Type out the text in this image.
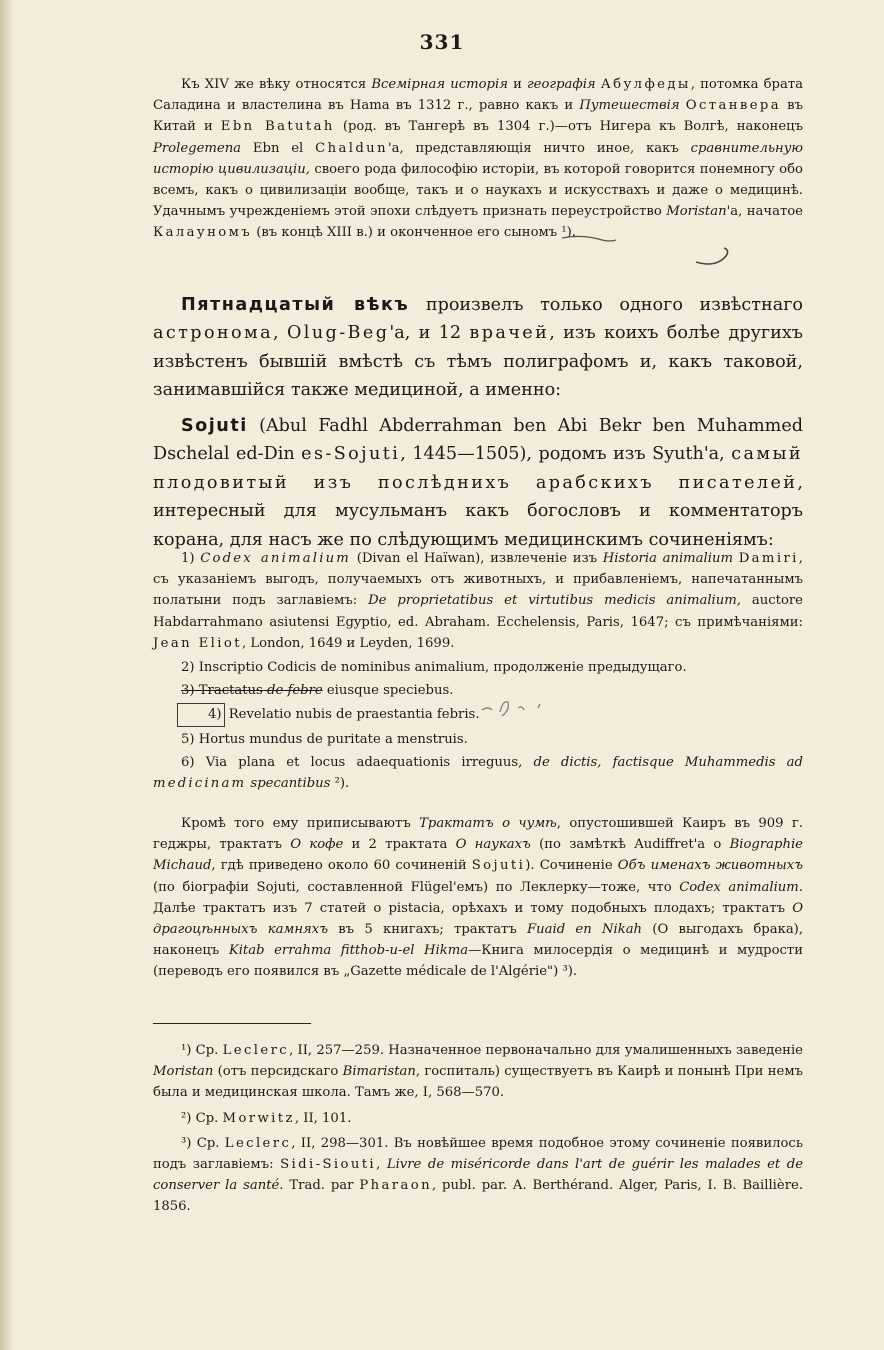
331
Къ XIV же вѣку относятся Всемірная исторія и географія Абулфеды, потомка брата Саладина и властелина въ Hama въ 1312 г., равно какъ и Путешествія Останвера въ Китай и Ebn Batutah (род. въ Тангерѣ въ 1304 г.)—отъ Нигера къ Волгѣ, наконецъ Prolegemena Ebn el Chaldun'а, представляющія ничто иное, какъ сравнительную исторію цивилизаціи, своего рода философію исторіи, въ которой говорится понемногу обо всемъ, какъ о цивилизаціи вообще, такъ и о наукахъ и искусствахъ и даже о медицинѣ. Удачнымъ учрежденіемъ этой эпохи слѣдуетъ признать переустройство Moristan'а, начатое Калауномъ (въ концѣ XIII в.) и оконченное его сыномъ ¹).
Пятнадцатый вѣкъ произвелъ только одного извѣстнаго астронома, Olug-Beg'а, и 12 врачей, изъ коихъ болѣе другихъ извѣстенъ бывшій вмѣстѣ съ тѣмъ полиграфомъ и, какъ таковой, занимавшійся также медициной, а именно:
Sojuti (Abul Fadhl Abderrahman ben Abi Bekr ben Muhammed Dschelal ed-Din es-Sojuti, 1445—1505), родомъ изъ Syuth'а, самый плодовитый изъ послѣднихъ арабскихъ писателей, интересный для мусульманъ какъ богословъ и комментаторъ корана, для насъ же по слѣдующимъ медицинскимъ сочиненіямъ:

1) Codex animalium (Divan el Haïwan), извлеченіе изъ Historia animalium Damiri, съ указаніемъ выгодъ, получаемыхъ отъ животныхъ, и прибавленіемъ, напечатаннымъ полатыни подъ заглавіемъ: De proprietatibus et virtutibus medicis animalium, auctore Habdarrahmano asiutensi Egyptio, ed. Abraham. Ecchelensis, Paris, 1647; съ примѣчаніями: Jean Eliot, London, 1649 и Leyden, 1699.

2) Inscriptio Codicis de nominibus animalium, продолженіе предыдущаго.

3) Tractatus de febre eiusque speciebus.

4) Revelatio nubis de praestantia febris.

5) Hortus mundus de puritate a menstruis.

6) Via plana et locus adaequationis irreguus, de dictis, factisque Muhammedis ad medicinam specantibus ²).

Кромѣ того ему приписываютъ Трактатъ о чумѣ, опустошившей Каиръ въ 909 г. геджры, трактатъ О кофе и 2 трактата О наукахъ (по замѣткѣ Audiffret'а о Biographie Michaud, гдѣ приведено около 60 сочиненій Sojuti). Сочиненіе Объ именахъ животныхъ (по біографіи Sojuti, составленной Flügel'емъ) по Леклерку—тоже, что Codex animalium. Далѣе трактатъ изъ 7 статей о pistacia, орѣхахъ и тому подобныхъ плодахъ; трактатъ О драгоцѣнныхъ камняхъ въ 5 книгахъ; трактатъ Fuaid en Nikah (О выгодахъ брака), наконецъ Kitab errahma fitthob-u-el Hikma—Книга милосердія о медицинѣ и мудрости (переводъ его появился въ „Gazette médicale de l'Algérie") ³).

¹) Ср. Leclerc, II, 257—259. Назначенное первоначально для умалишенныхъ заведеніе Moristan (отъ персидскаго Bimaristan, госпиталь) существуетъ въ Каирѣ и понынѣ При немъ была и медицинская школа. Тамъ же, I, 568—570.

²) Ср. Morwitz, II, 101.

³) Ср. Leclerc, II, 298—301. Въ новѣйшее время подобное этому сочиненіе появилось подъ заглавіемъ: Sidi-Siouti, Livre de miséricorde dans l'art de guérir les malades et de conserver la santé. Trad. par Pharaon, publ. par. A. Berthérand. Alger, Paris, I. B. Baillière. 1856.
